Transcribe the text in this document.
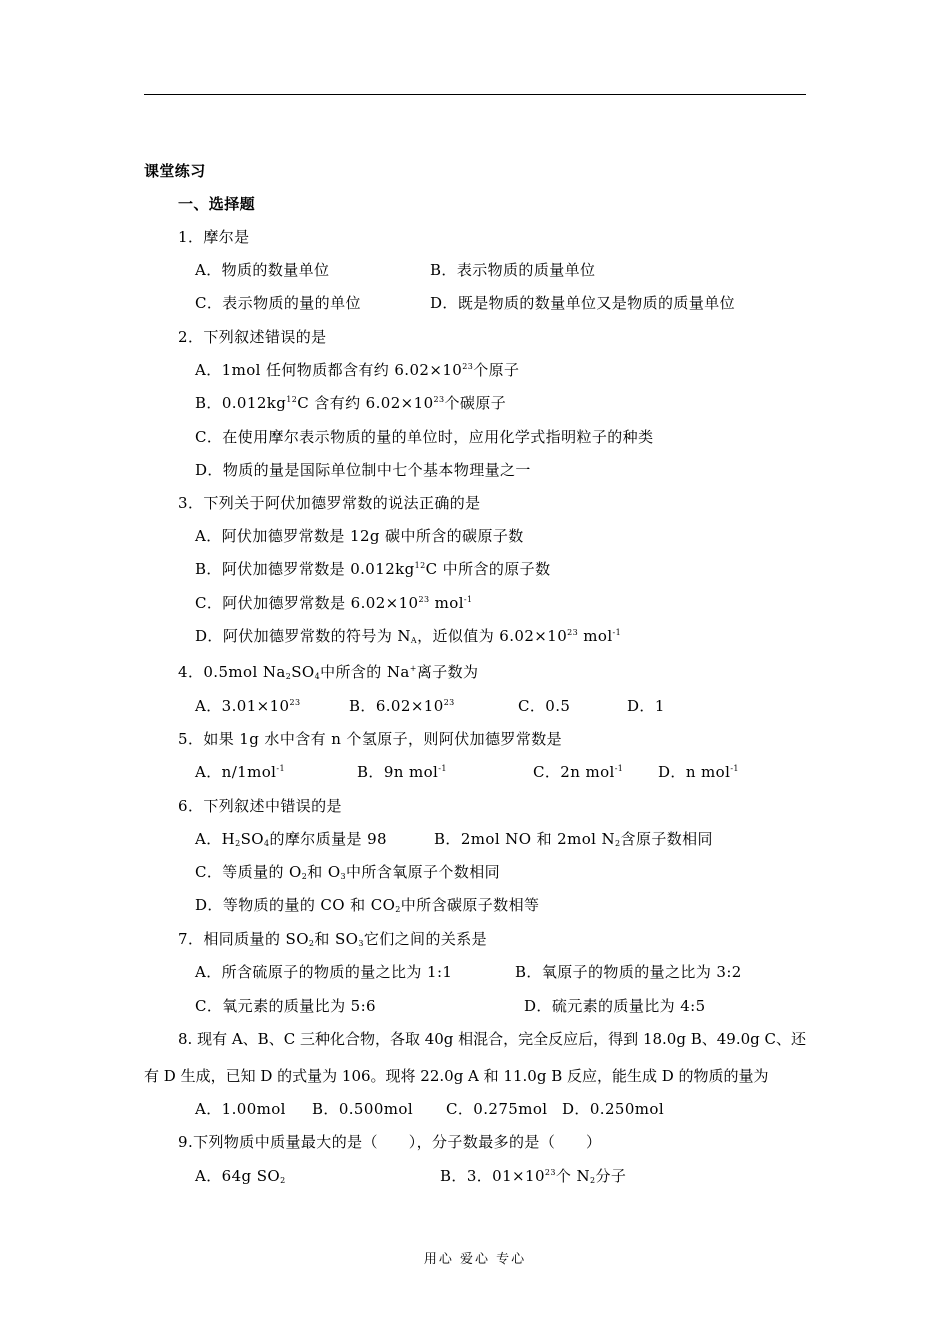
课堂练习
一、选择题
1．摩尔是
A．物质的数量单位	B．表示物质的质量单位
C．表示物质的量的单位	D．既是物质的数量单位又是物质的质量单位
2．下列叙述错误的是
A．1mol 任何物质都含有约 $6.02\times 10^{23}$个原子
B．$0.012kg^{12}C$ 含有约 $6.02\times 10^{23}$个碳原子
C．在使用摩尔表示物质的量的单位时，应用化学式指明粒子的种类
D．物质的量是国际单位制中七个基本物理量之一
3．下列关于阿伏加德罗常数的说法正确的是
A．阿伏加德罗常数是 12g 碳中所含的碳原子数
B．阿伏加德罗常数是 $0.012kg^{12}C$ 中所含的原子数
C．阿伏加德罗常数是 $6.02\times 10^{23}$ mol$^{-1}$
D．阿伏加德罗常数的符号为 $N_A$，近似值为 $6.02\times 10^{23}$ mol$^{-1}$
4．0.5mol $Na_2SO_4$中所含的 Na+离子数为
A．$3.01\times 10^{23}$	B．$6.02\times 10^{23}$	C．0.5	D．1
5．如果 1g 水中含有 n 个氢原子，则阿伏加德罗常数是
A．n/1mol$^{-1}$	B．9n mol$^{-1}$	C．2n mol$^{-1}$ D．n mol$^{-1}$
6．下列叙述中错误的是
A．$H_2SO_4$的摩尔质量是 98	B．2mol NO 和 2mol $N_2$含原子数相同
C．等质量的 $O_2$和 $O_3$中所含氧原子个数相同
D．等物质的量的 CO 和 $CO_2$中所含碳原子数相等
7．相同质量的 $SO_2$和 $SO_3$它们之间的关系是
A．所含硫原子的物质的量之比为 1:1	B．氧原子的物质的量之比为 3:2
C．氧元素的质量比为 5:6	D．硫元素的质量比为 4:5
8. 现有 A、B、C 三种化合物，各取 40g 相混合，完全反应后，得到 18.0g B、49.0g C、还
有 D 生成，已知 D 的式量为 106。现将 22.0g A 和 11.0g B 反应，能生成 D 的物质的量为
A．1.00mol B．0.500mol C．0.275mol D．0.250mol
9.下列物质中质量最大的是（　　），分子数最多的是（　　）
A．64g $SO_2$	B．3．$01\times 10^{23}$个 $N_2$分子
用心 爱心 专心
